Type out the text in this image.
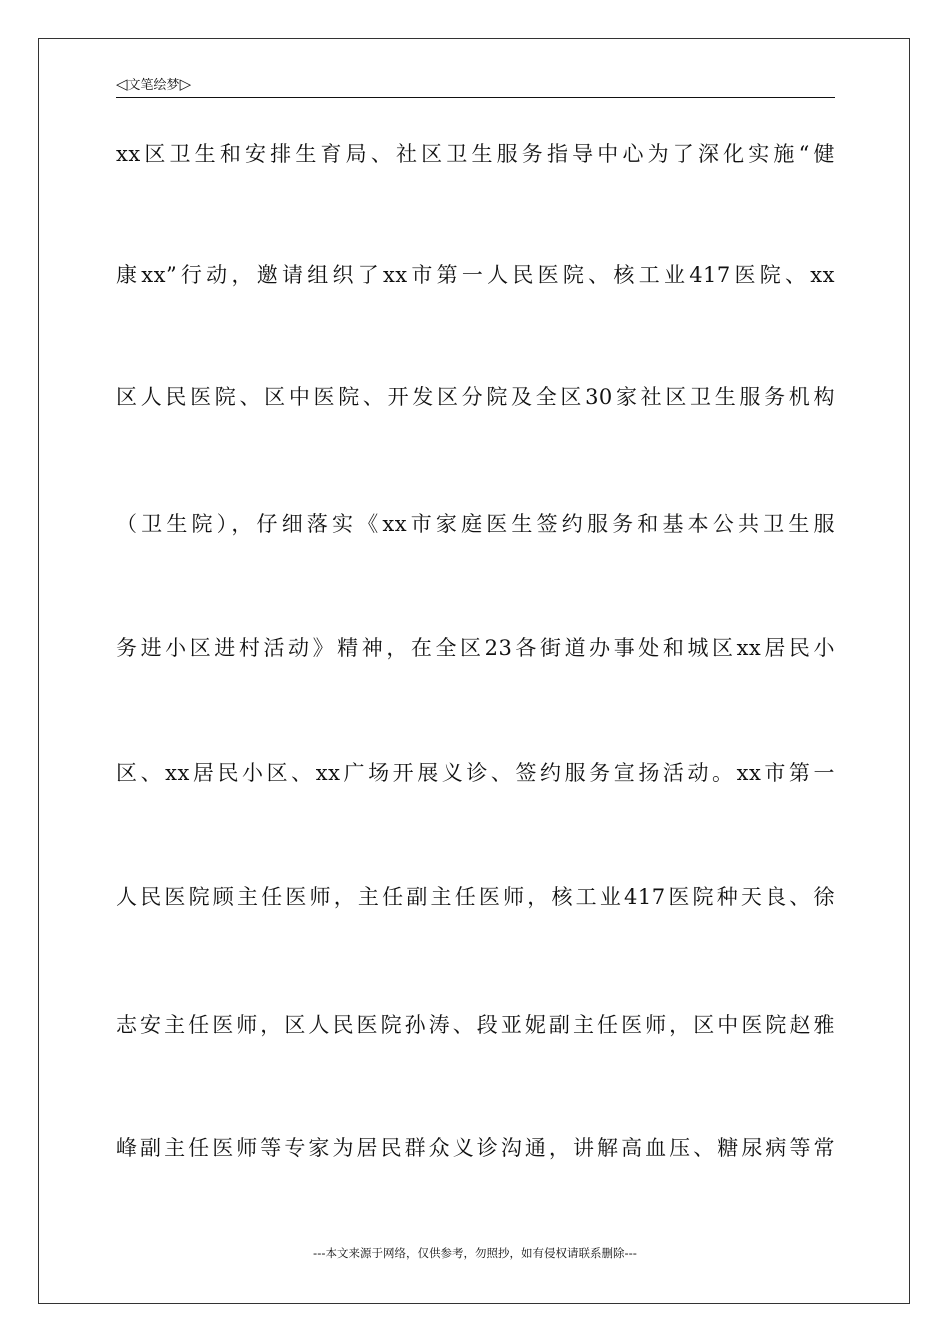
◁文笔绘梦▷
xx区卫生和安排生育局、社区卫生服务指导中心为了深化实施“健
康xx”行动，邀请组织了xx市第一人民医院、核工业417医院、xx
区人民医院、区中医院、开发区分院及全区30家社区卫生服务机构
（卫生院），仔细落实《xx市家庭医生签约服务和基本公共卫生服
务进小区进村活动》精神，在全区23各街道办事处和城区xx居民小
区、xx居民小区、xx广场开展义诊、签约服务宣扬活动。xx市第一
人民医院顾主任医师，主任副主任医师，核工业417医院种天良、徐
志安主任医师，区人民医院孙涛、段亚妮副主任医师，区中医院赵雅
峰副主任医师等专家为居民群众义诊沟通，讲解高血压、糖尿病等常
---本文来源于网络，仅供参考，勿照抄，如有侵权请联系删除---
